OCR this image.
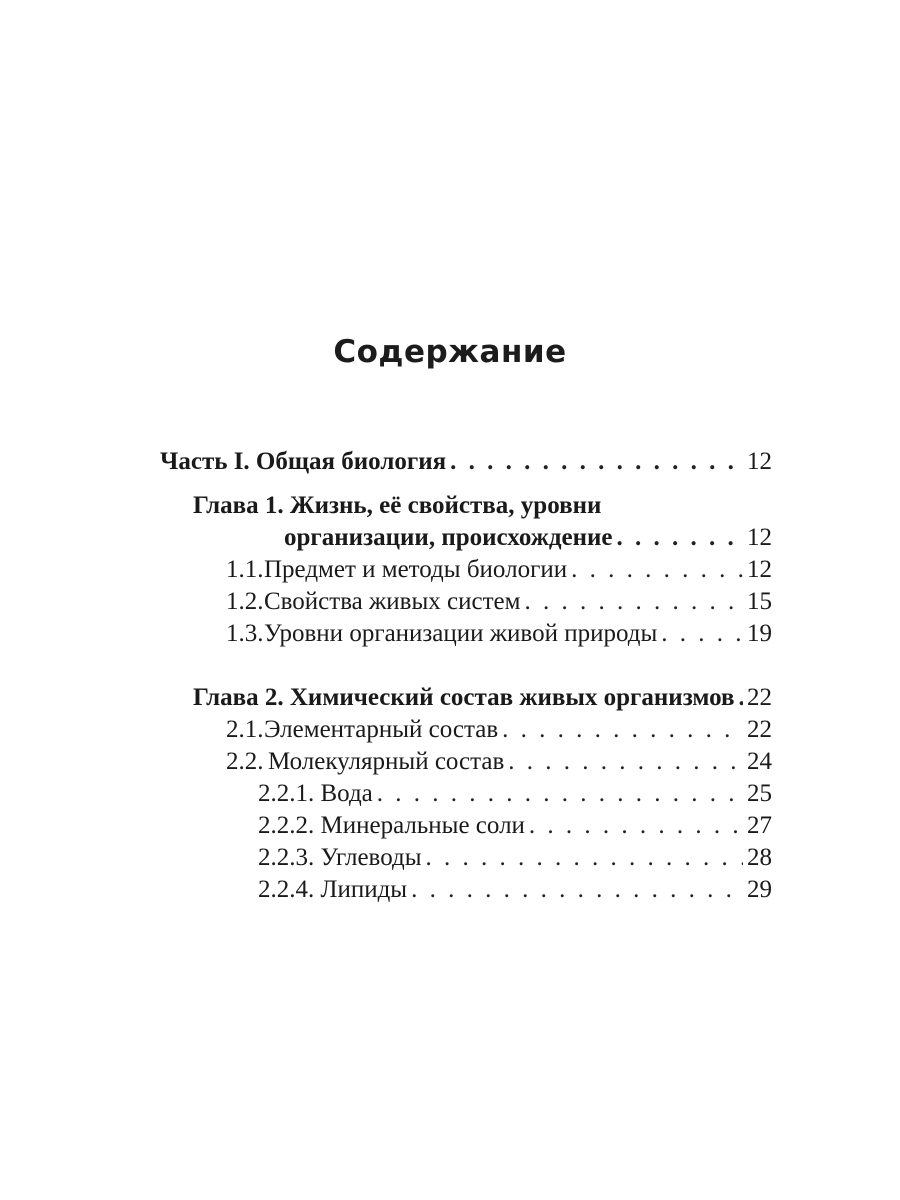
Содержание
Часть I. Общая биология . . .	12
Глава 1. Жизнь, её свойства, уровни
организации, происхождение . . .	12
1.1.Предмет и методы биологии . . .	12
1.2.Свойства живых систем . . .	15
1.3.Уровни организации живой природы . . .	19
Глава 2. Химический состав живых организмов . . . 22
2.1.Элементарный состав . . .	22
2.2. Молекулярный состав . . .	24
2.2.1. Вода . . .	25
2.2.2. Минеральные соли . . .	27
2.2.3. Углеводы . . .	28
2.2.4. Липиды . . .	29
